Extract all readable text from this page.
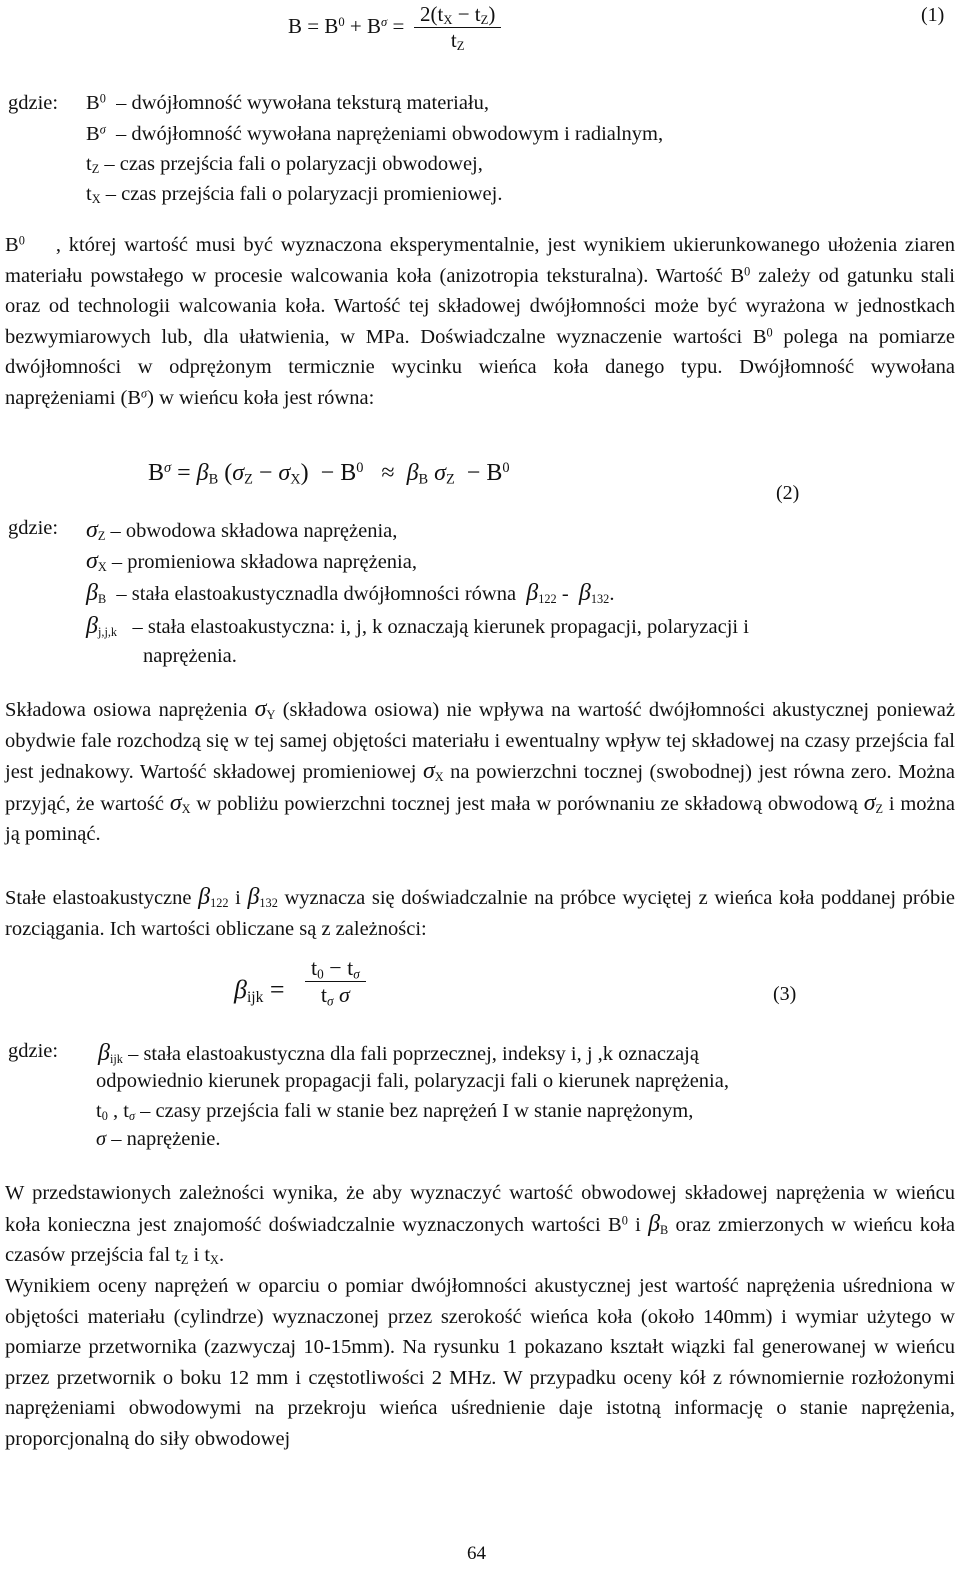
$B = B^0 + B^\sigma = 2(t_X - t_Z)$
$t_Z$
(1)
gdzie: $B^0$ – dwójłomność wywołana teksturą materiału,
$B^\sigma$ – dwójłomność wywołana naprężeniami obwodowym i radialnym,
$t_Z$ – czas przejścia fali o polaryzacji obwodowej,
$t_X$ – czas przejścia fali o polaryzacji promieniowej.
$B^0$ , której wartość musi być wyznaczona eksperymentalnie, jest wynikiem ukierunkowanego ułożenia ziaren materiału powstałego w procesie walcowania koła (anizotropia teksturalna). Wartość $B^0$ zależy od gatunku stali oraz od technologii walcowania koła. Wartość tej składowej dwójłomności może być wyrażona w jednostkach bezwymiarowych lub, dla ułatwienia, w MPa. Doświadczalne wyznaczenie wartości $B^0$ polega na pomiarze dwójłomności w odprężonym termicznie wycinku wieńca koła danego typu. Dwójłomność wywołana naprężeniami $(B^\sigma)$ w wieńcu koła jest równa:
$B^\sigma = \beta_B$ $(\sigma_Z - \sigma_X) - B^0 \approx \beta_B$ $\sigma_Z - B^0$
(2)
gdzie: $\sigma_Z$ – obwodowa składowa naprężenia,
$\sigma_X$ – promieniowa składowa naprężenia,
$\beta_B$ – stała elastoakustycznadla dwójłomności równa $\beta_{122} - \beta_{132}$.
$\beta_{j,j,k}$ – stała elastoakustyczna: i, j, k oznaczają kierunek propagacji, polaryzacji i
naprężenia.
Składowa osiowa naprężenia $\sigma_Y$ (składowa osiowa) nie wpływa na wartość dwójłomności akustycznej ponieważ obydwie fale rozchodzą się w tej samej objętości materiału i ewentualny wpływ tej składowej na czasy przejścia fal jest jednakowy. Wartość składowej promieniowej $\sigma_X$ na powierzchni tocznej (swobodnej) jest równa zero. Można przyjąć, że wartość $\sigma_X$ w pobliżu powierzchni tocznej jest mała w porównaniu ze składową obwodową $\sigma_Z$ i można ją pominąć.
Stałe elastoakustyczne $\beta_{122}$ i $\beta_{132}$ wyznacza się doświadczalnie na próbce wyciętej z wieńca koła poddanej próbie rozciągania. Ich wartości obliczane są z zależności:
$\beta_{ijk}$ =
$t_0 - t_\sigma$
$t_\sigma$ σ	(3)
gdzie: $\beta_{ijk}$ – stała elastoakustyczna dla fali poprzecznej, indeksy i, j ,k oznaczają
odpowiednio kierunek propagacji fali, polaryzacji fali o kierunek naprężenia,
$t_0$ , $t_\sigma$ – czasy przejścia fali w stanie bez naprężeń I w stanie naprężonym,
σ – naprężenie.
W przedstawionych zależności wynika, że aby wyznaczyć wartość obwodowej składowej naprężenia w wieńcu koła konieczna jest znajomość doświadczalnie wyznaczonych wartości $B^0$ i $\beta_B$ oraz zmierzonych w wieńcu koła czasów przejścia fal $t_Z$ i $t_X$.
Wynikiem oceny naprężeń w oparciu o pomiar dwójłomności akustycznej jest wartość naprężenia uśredniona w objętości materiału (cylindrze) wyznaczonej przez szerokość wieńca koła (około 140mm) i wymiar użytego w pomiarze przetwornika (zazwyczaj 10-15mm). Na rysunku 1 pokazano kształt wiązki fal generowanej w wieńcu przez przetwornik o boku 12 mm i częstotliwości 2 MHz. W przypadku oceny kół z równomiernie rozłożonymi naprężeniami obwodowymi na przekroju wieńca uśrednienie daje istotną informację o stanie naprężenia, proporcjonalną do siły obwodowej
64
